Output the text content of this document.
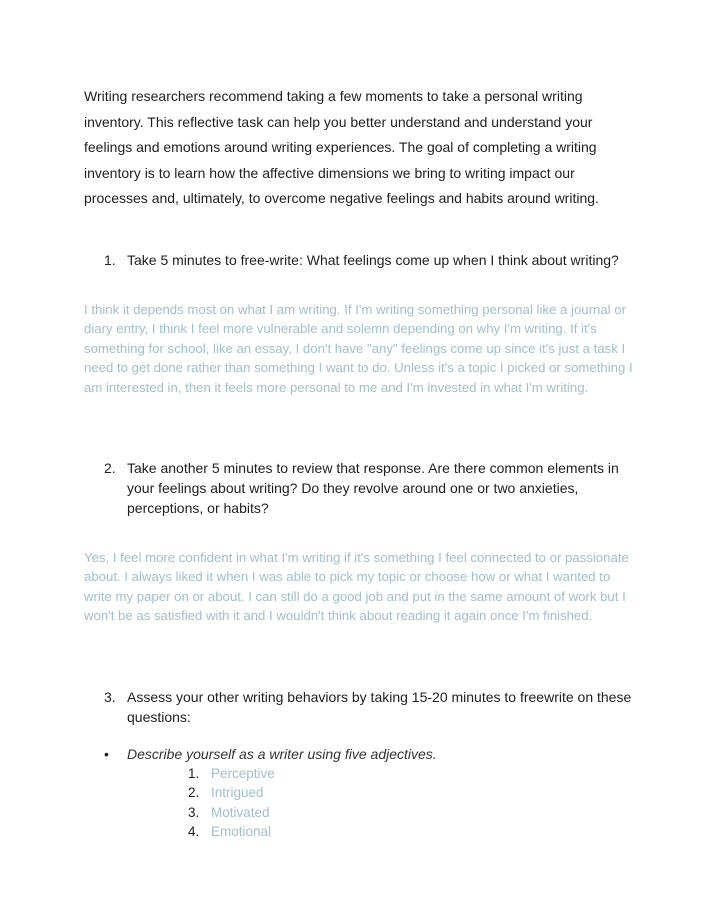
Writing researchers recommend taking a few moments to take a personal writing inventory. This reflective task can help you better understand and understand your feelings and emotions around writing experiences. The goal of completing a writing inventory is to learn how the affective dimensions we bring to writing impact our processes and, ultimately, to overcome negative feelings and habits around writing.

1. Take 5 minutes to free-write: What feelings come up when I think about writing?

I think it depends most on what I am writing. If I'm writing something personal like a journal or diary entry, I think I feel more vulnerable and solemn depending on why I'm writing. If it's something for school, like an essay, I don't have "any" feelings come up since it's just a task I need to get done rather than something I want to do. Unless it's a topic I picked or something I am interested in, then it feels more personal to me and I'm invested in what I'm writing.

2. Take another 5 minutes to review that response. Are there common elements in your feelings about writing? Do they revolve around one or two anxieties, perceptions, or habits?

Yes, I feel more confident in what I'm writing if it's something I feel connected to or passionate about. I always liked it when I was able to pick my topic or choose how or what I wanted to write my paper on or about. I can still do a good job and put in the same amount of work but I won't be as satisfied with it and I wouldn't think about reading it again once I'm finished.

3. Assess your other writing behaviors by taking 15-20 minutes to freewrite on these questions:
• Describe yourself as a writer using five adjectives.
1. Perceptive
2. Intrigued
3. Motivated
4. Emotional
